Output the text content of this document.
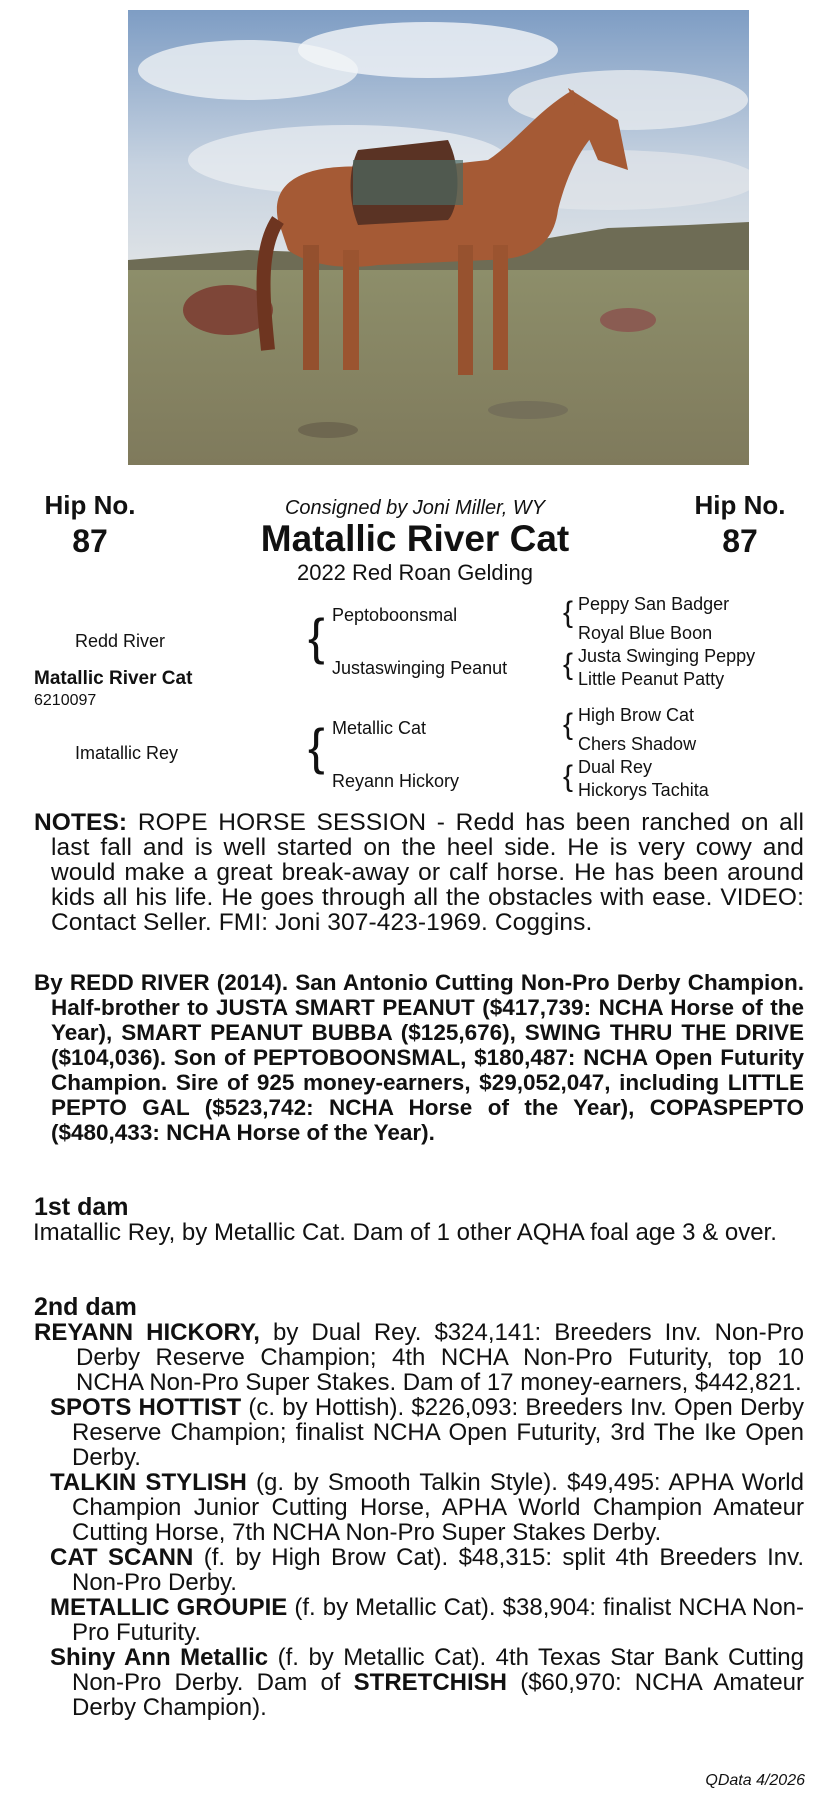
Hip No.
87
Hip No.
87
Consigned by Joni Miller, WY
Matallic River Cat
2022 Red Roan Gelding
Redd River
Matallic River Cat
6210097
Imatallic Rey
{
{
Peptoboonsmal
Justaswinging Peanut
Metallic Cat
Reyann Hickory
{
{
{
{
Peppy San Badger
Royal Blue Boon
Justa Swinging Peppy
Little Peanut Patty
High Brow Cat
Chers Shadow
Dual Rey
Hickorys Tachita

NOTES: ROPE HORSE SESSION - Redd has been ranched on all last fall and is well started on the heel side. He is very cowy and would make a great break-away or calf horse. He has been around kids all his life. He goes through all the obstacles with ease. VIDEO: Contact Seller. FMI: Joni 307-423-1969. Coggins.

By REDD RIVER (2014). San Antonio Cutting Non-Pro Derby Champion. Half-brother to JUSTA SMART PEANUT ($417,739: NCHA Horse of the Year), SMART PEANUT BUBBA ($125,676), SWING THRU THE DRIVE ($104,036). Son of PEPTOBOONSMAL, $180,487: NCHA Open Futurity Champion. Sire of 925 money-earners, $29,052,047, including LITTLE PEPTO GAL ($523,742: NCHA Horse of the Year), COPASPEPTO ($480,433: NCHA Horse of the Year).

1st dam

Imatallic Rey, by Metallic Cat. Dam of 1 other AQHA foal age 3 & over.

2nd dam

REYANN HICKORY, by Dual Rey. $324,141: Breeders Inv. Non-Pro Derby Reserve Champion; 4th NCHA Non-Pro Futurity, top 10 NCHA Non-Pro Super Stakes. Dam of 17 money-earners, $442,821.

SPOTS HOTTIST (c. by Hottish). $226,093: Breeders Inv. Open Derby Reserve Champion; finalist NCHA Open Futurity, 3rd The Ike Open Derby.

TALKIN STYLISH (g. by Smooth Talkin Style). $49,495: APHA World Champion Junior Cutting Horse, APHA World Champion Amateur Cutting Horse, 7th NCHA Non-Pro Super Stakes Derby.

CAT SCANN (f. by High Brow Cat). $48,315: split 4th Breeders Inv. Non-Pro Derby.

METALLIC GROUPIE (f. by Metallic Cat). $38,904: finalist NCHA Non-Pro Futurity.

Shiny Ann Metallic (f. by Metallic Cat). 4th Texas Star Bank Cutting Non-Pro Derby. Dam of STRETCHISH ($60,970: NCHA Amateur Derby Champion).

QData 4/2026
